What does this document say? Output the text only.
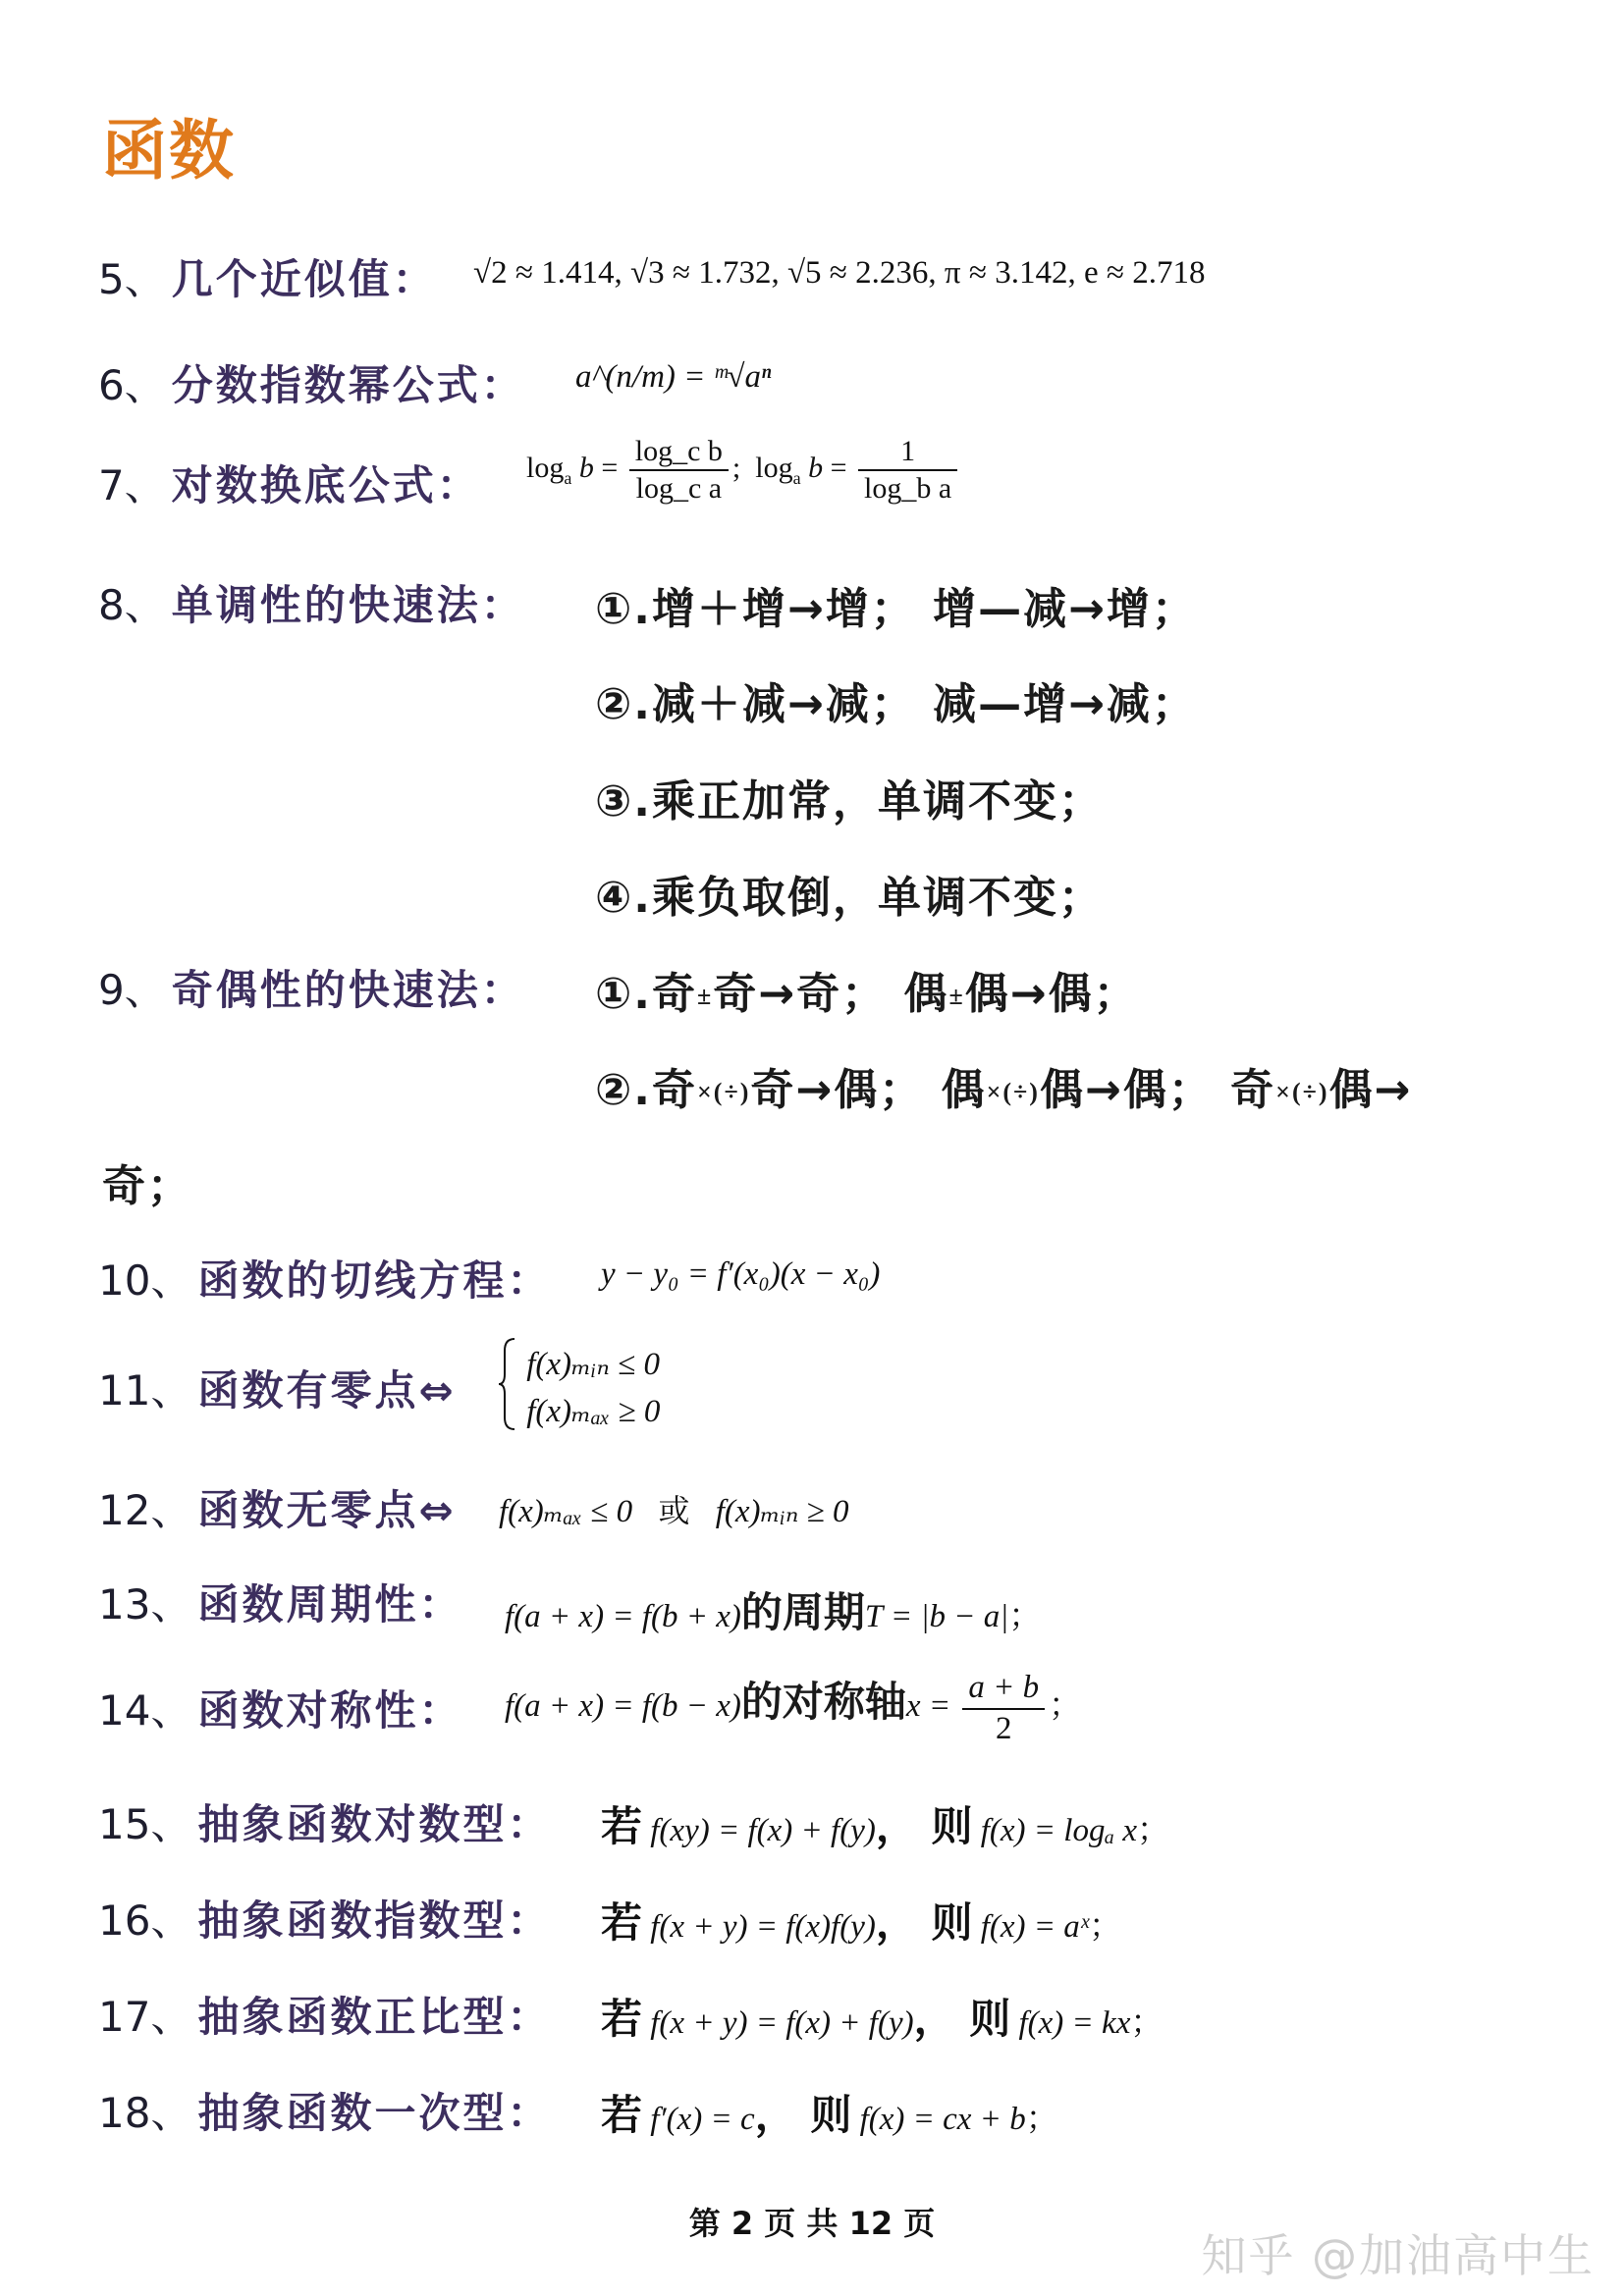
函数
5、 几个近似值： √2 ≈ 1.414, √3 ≈ 1.732, √5 ≈ 2.236, π ≈ 3.142, e ≈ 2.718
6、 分数指数幂公式： a^(n/m) = ᵐ√aⁿ
7、 对数换底公式： $\log_a b = \frac{\text{log\_c b}}{\text{log\_c a}}$ ;  $\log_a b = \frac{1}{\text{log\_b a}}$
8、 单调性的快速法： ①.增＋增→增； 增—减→增；
②.减＋减→减； 减—增→减；
③.乘正加常，单调不变；
④.乘负取倒，单调不变；
9、 奇偶性的快速法： ①.奇±奇→奇； 偶±偶→偶；
②.奇×(÷)奇→偶； 偶×(÷)偶→偶； 奇×(÷)偶→
奇；
10、 函数的切线方程： y − y₀ = f′(x₀)(x − x₀)
11、 函数有零点⇔

f(x)ₘᵢₙ ≤ 0
f(x)ₘₐₓ ≥ 0
12、 函数无零点⇔ f(x)ₘₐₓ ≤ 0 或 f(x)ₘᵢₙ ≥ 0
13、 函数周期性： f(a + x) = f(b + x)的周期T = |b − a|；
14、 函数对称性： f(a + x) = f(b − x)的对称轴$x = \frac{a + b}{2}$ ；
15、 抽象函数对数型： 若 f(xy) = f(x) + f(y)， 则 f(x) = logₐ x；
16、 抽象函数指数型： 若 f(x + y) = f(x)f(y)， 则 f(x) = aˣ；
17、 抽象函数正比型： 若 f(x + y) = f(x) + f(y)， 则 f(x) = kx；
18、 抽象函数一次型： 若 f′(x) = c， 则 f(x) = cx + b；
第 2 页 共 12 页
知乎 @加油高中生
